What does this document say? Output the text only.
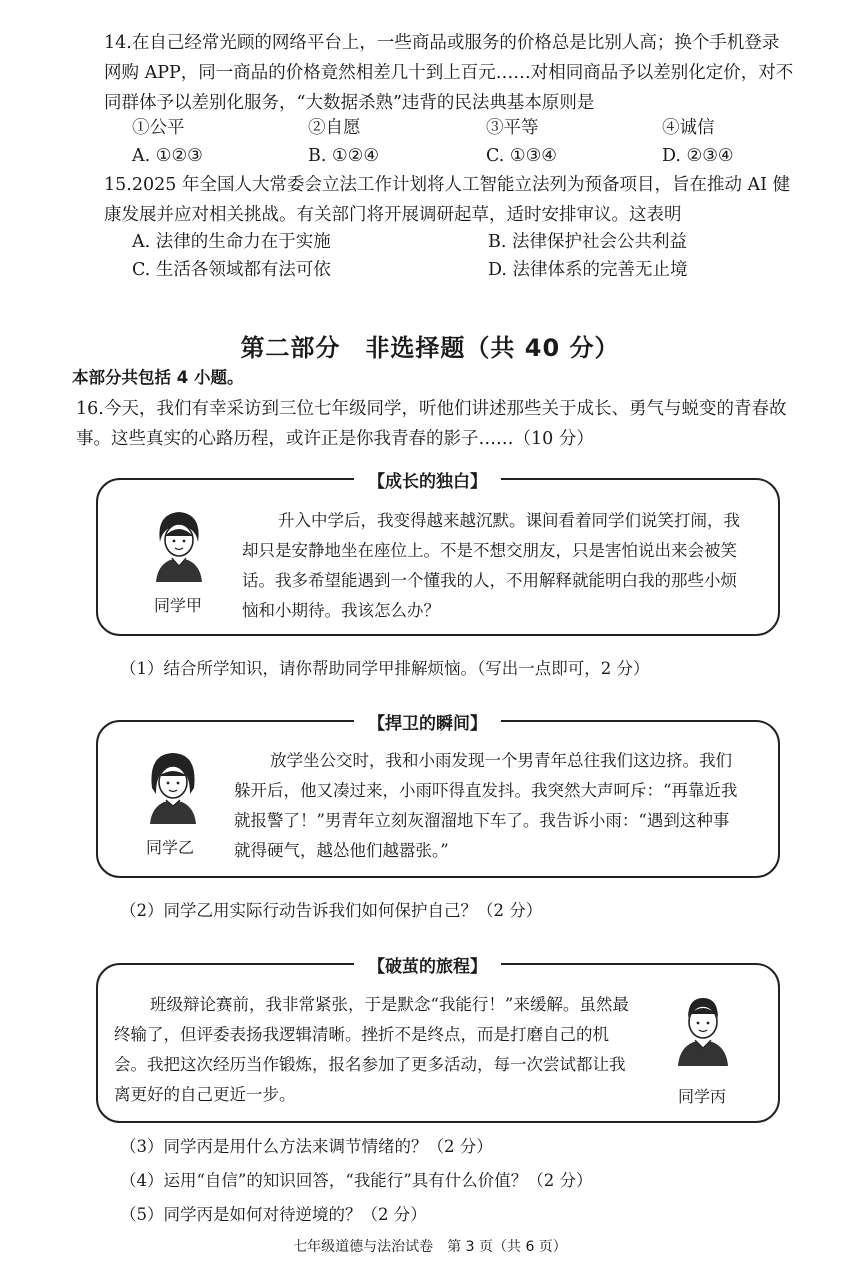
14.在自己经常光顾的网络平台上，一些商品或服务的价格总是比别人高；换个手机登录网购 APP，同一商品的价格竟然相差几十到上百元……对相同商品予以差别化定价，对不同群体予以差别化服务，“大数据杀熟”违背的民法典基本原则是
①公平	②自愿	③平等	④诚信
A. ①②③	B. ①②④	C. ①③④	D. ②③④
15.2025 年全国人大常委会立法工作计划将人工智能立法列为预备项目，旨在推动 AI 健康发展并应对相关挑战。有关部门将开展调研起草，适时安排审议。这表明
A. 法律的生命力在于实施	B. 法律保护社会公共利益
C. 生活各领域都有法可依	D. 法律体系的完善无止境
第二部分　非选择题（共 40 分）
本部分共包括 4 小题。
16.今天，我们有幸采访到三位七年级同学，听他们讲述那些关于成长、勇气与蜕变的青春故事。这些真实的心路历程，或许正是你我青春的影子……（10 分）
【成长的独白】
同学甲
升入中学后，我变得越来越沉默。课间看着同学们说笑打闹，我却只是安静地坐在座位上。不是不想交朋友，只是害怕说出来会被笑话。我多希望能遇到一个懂我的人，不用解释就能明白我的那些小烦恼和小期待。我该怎么办？
（1）结合所学知识，请你帮助同学甲排解烦恼。（写出一点即可，2 分）
【捍卫的瞬间】
同学乙
放学坐公交时，我和小雨发现一个男青年总往我们这边挤。我们躲开后，他又凑过来，小雨吓得直发抖。我突然大声呵斥：“再靠近我就报警了！”男青年立刻灰溜溜地下车了。我告诉小雨：“遇到这种事就得硬气，越怂他们越嚣张。”
（2）同学乙用实际行动告诉我们如何保护自己？（2 分）
【破茧的旅程】
班级辩论赛前，我非常紧张，于是默念“我能行！”来缓解。虽然最终输了，但评委表扬我逻辑清晰。挫折不是终点，而是打磨自己的机会。我把这次经历当作锻炼，报名参加了更多活动，每一次尝试都让我离更好的自己更近一步。	同学丙
（3）同学丙是用什么方法来调节情绪的？（2 分）
（4）运用“自信”的知识回答，“我能行”具有什么价值？（2 分）
（5）同学丙是如何对待逆境的？（2 分）
七年级道德与法治试卷　第 3 页（共 6 页）
